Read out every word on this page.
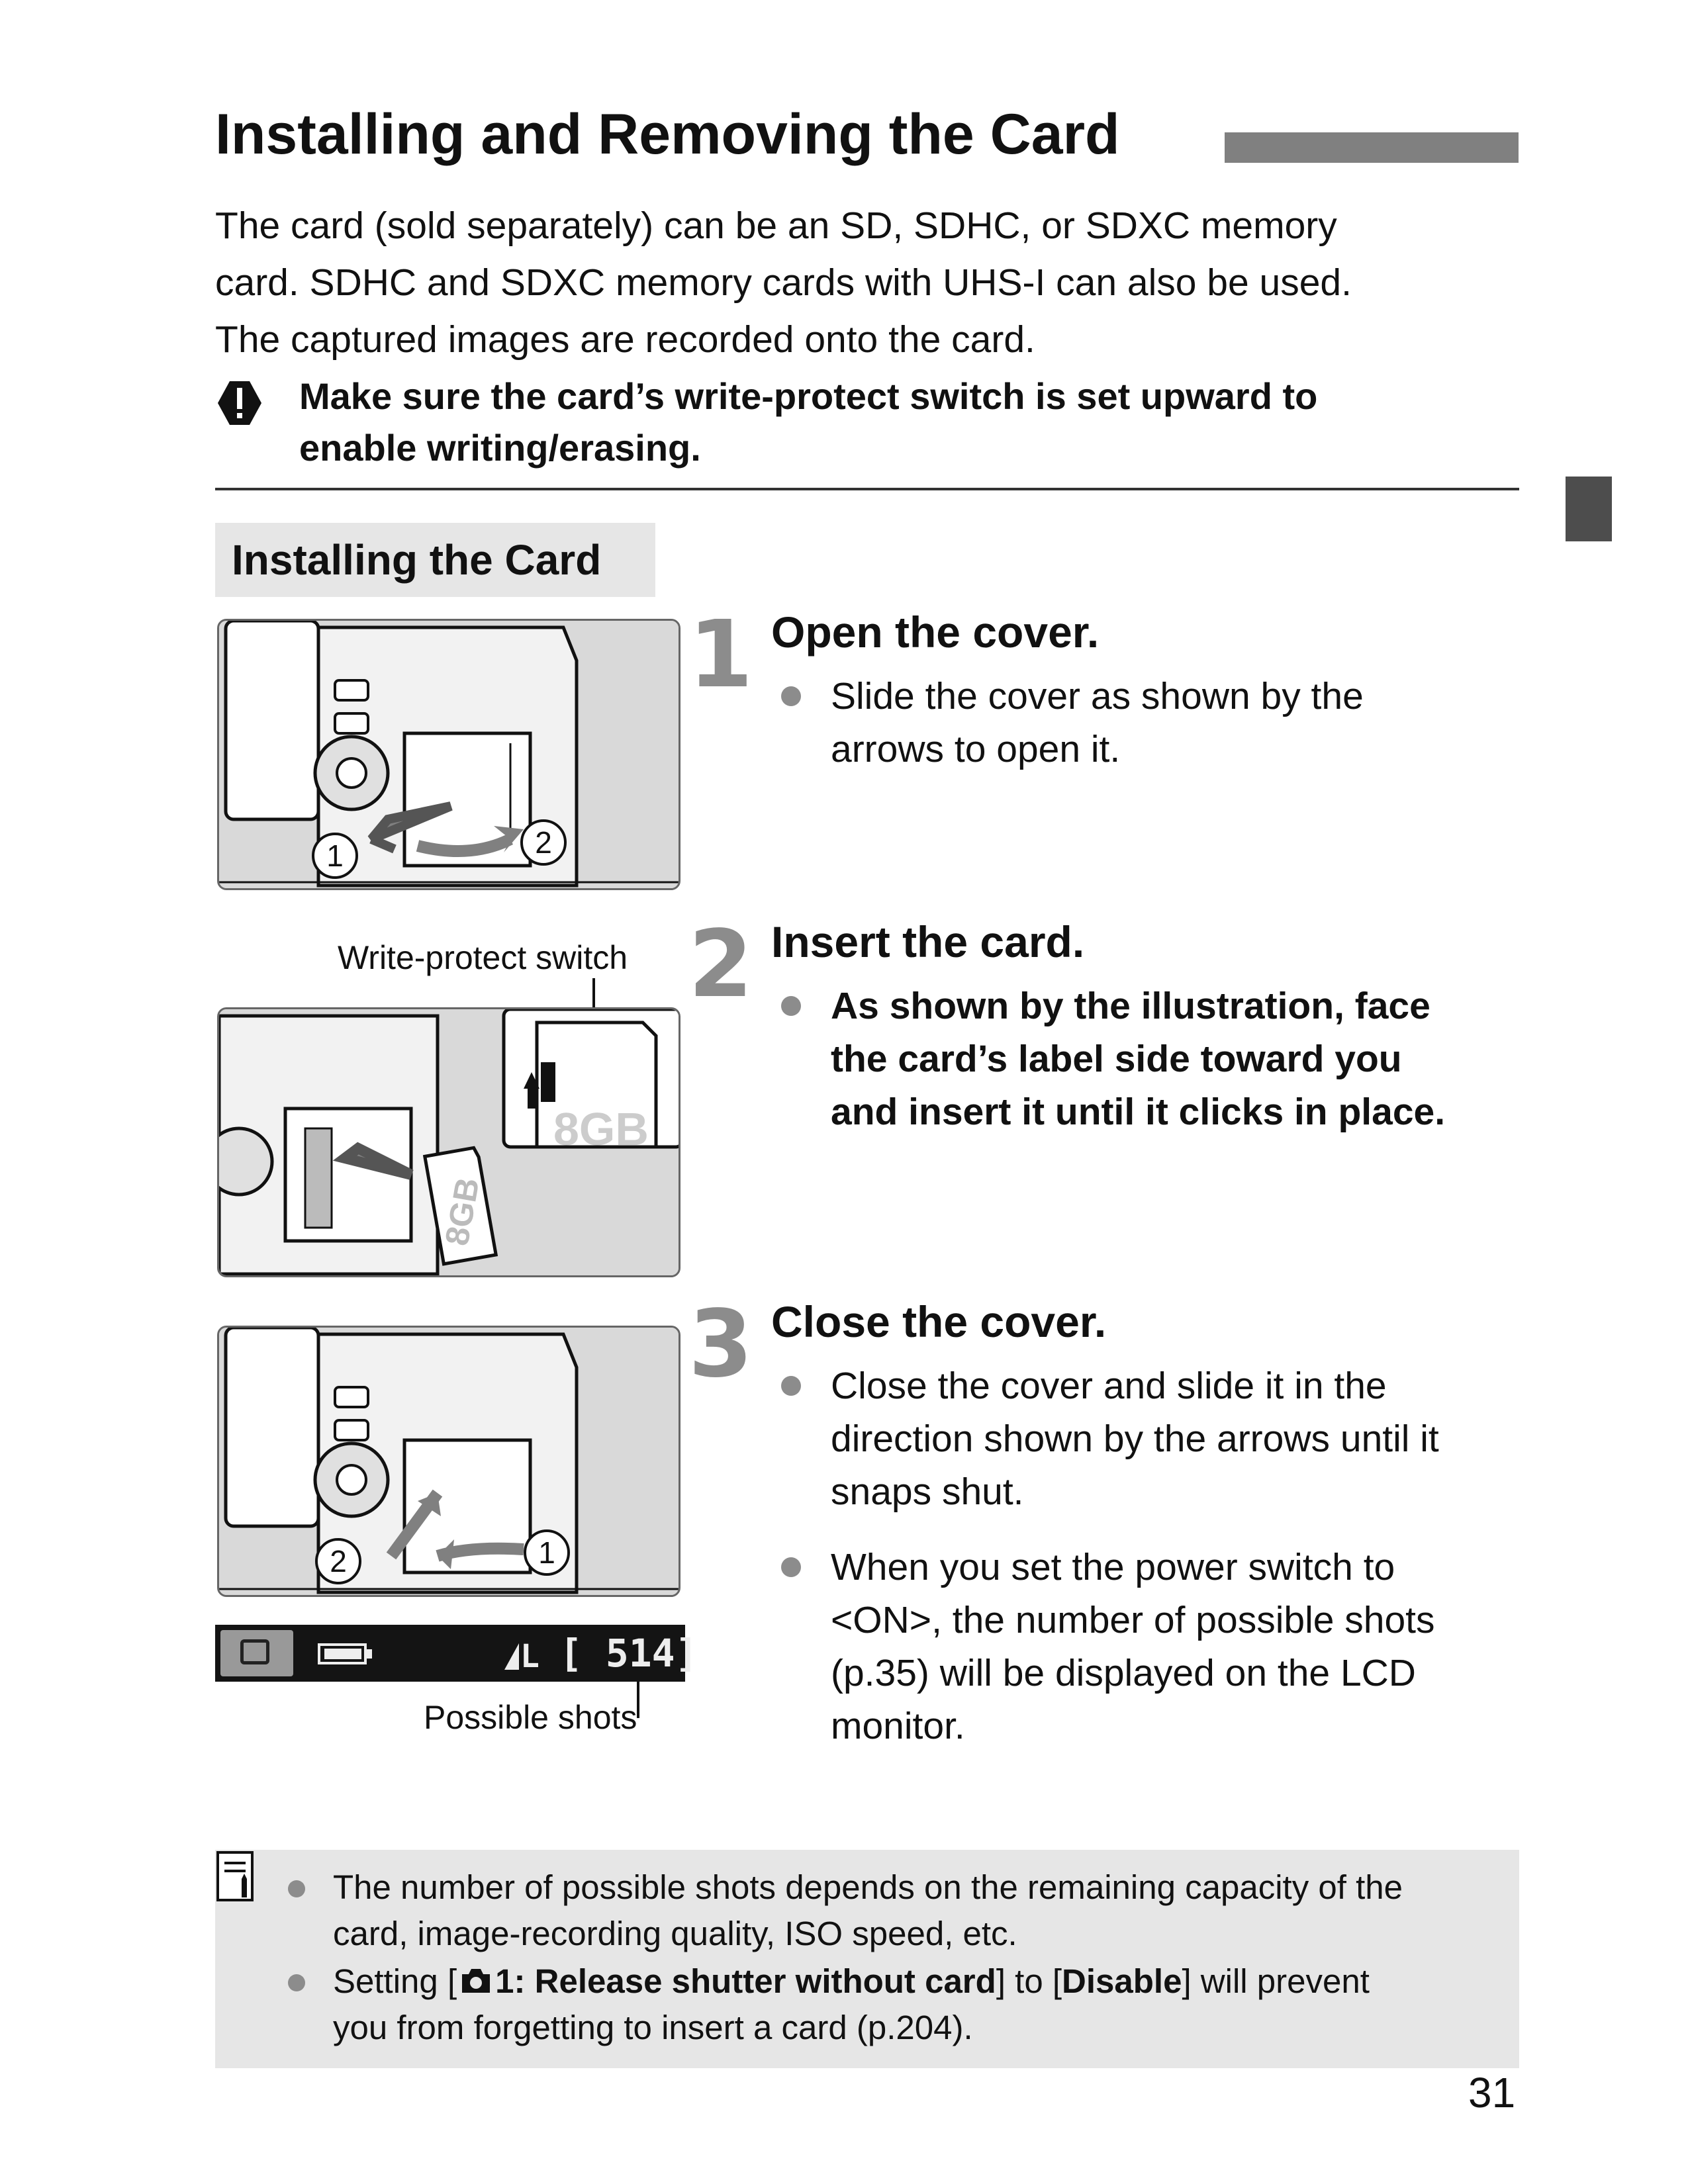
Installing and Removing the Card
The card (sold separately) can be an SD, SDHC, or SDXC memory
card. SDHC and SDXC memory cards with UHS-I can also be used.
The captured images are recorded onto the card.
Make sure the card’s write-protect switch is set upward to
enable writing/erasing.
Installing the Card
1	2
1 Open the cover.
Slide the cover as shown by the
arrows to open it.
Write-protect switch
8GB
8GB
2 Insert the card.
As shown by the illustration, face
the card’s label side toward you
and insert it until it clicks in place.
2	1
L [ 514]
Possible shots
3 Close the cover.
Close the cover and slide it in the
direction shown by the arrows until it
snaps shut.
When you set the power switch to
<ON>, the number of possible shots
(p.35) will be displayed on the LCD
monitor.
The number of possible shots depends on the remaining capacity of the
card, image-recording quality, ISO speed, etc.
Setting [ 1: Release shutter without card] to [Disable] will prevent
you from forgetting to insert a card (p.204).
31
